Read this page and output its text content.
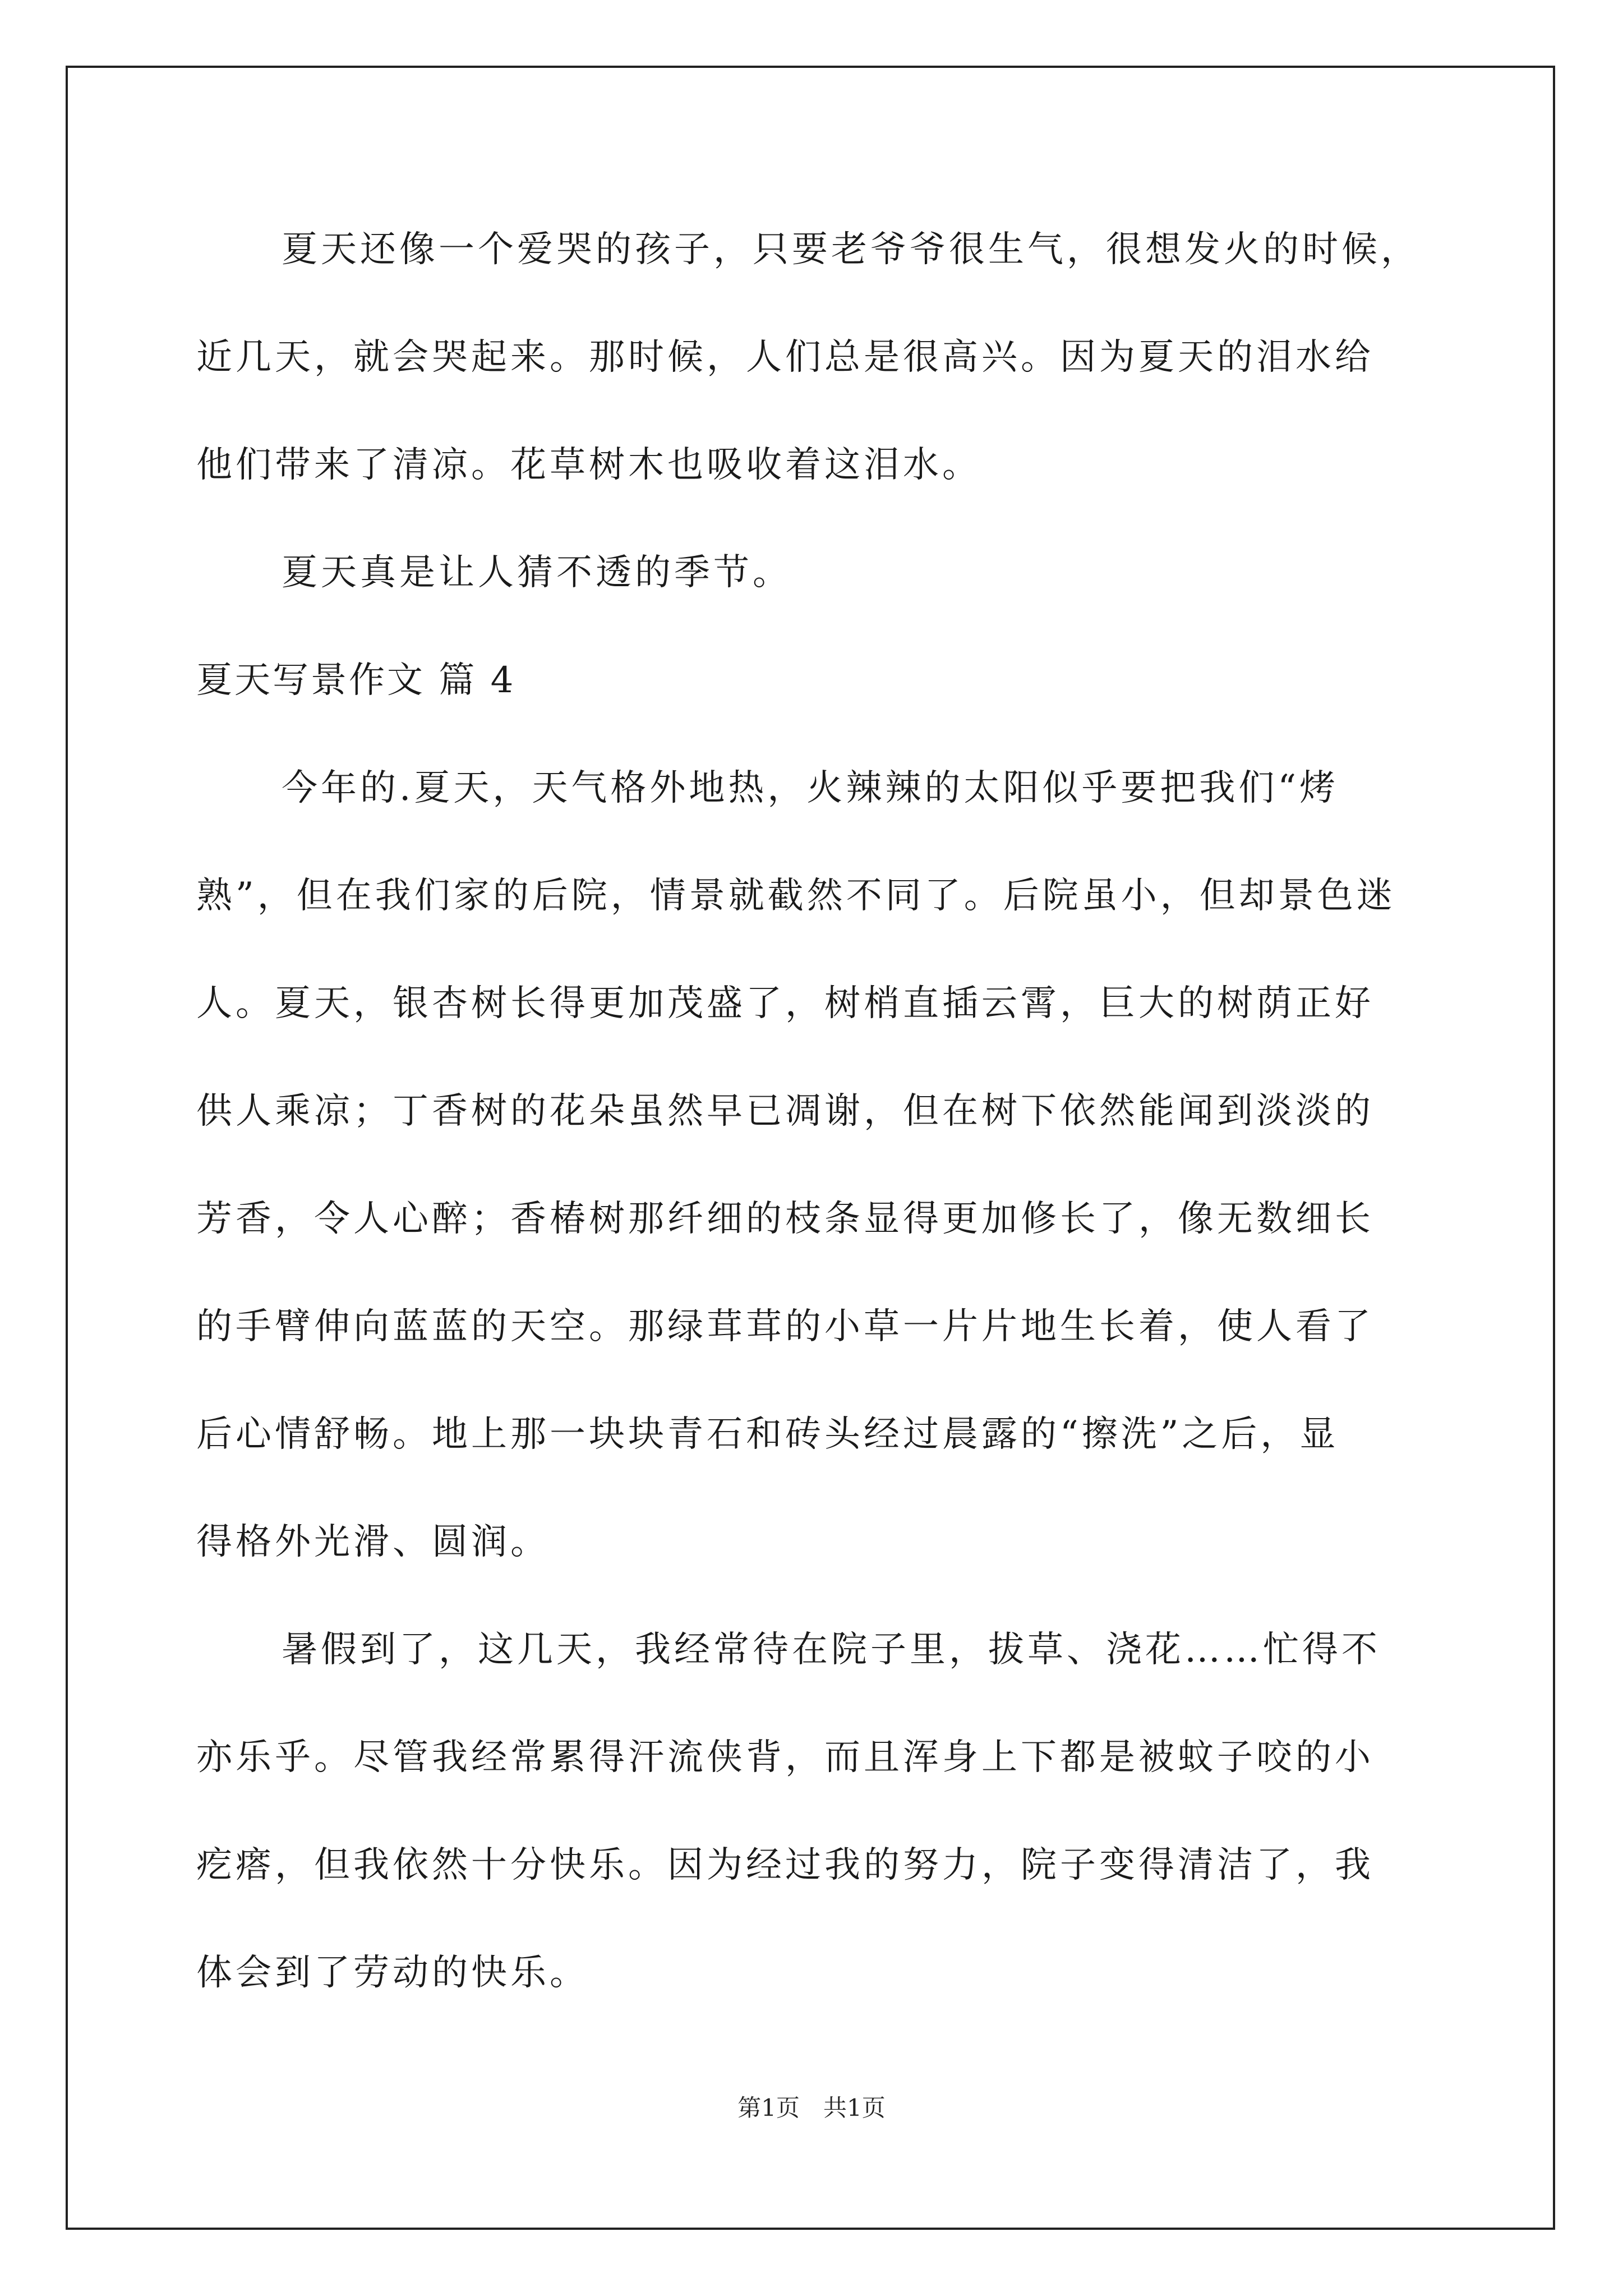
夏天还像一个爱哭的孩子，只要老爷爷很生气，很想发火的时候，
近几天，就会哭起来。那时候，人们总是很高兴。因为夏天的泪水给
他们带来了清凉。花草树木也吸收着这泪水。
夏天真是让人猜不透的季节。
夏天写景作文 篇 4
今年的.夏天，天气格外地热，火辣辣的太阳似乎要把我们“烤
熟”，但在我们家的后院，情景就截然不同了。后院虽小，但却景色迷
人。夏天，银杏树长得更加茂盛了，树梢直插云霄，巨大的树荫正好
供人乘凉；丁香树的花朵虽然早已凋谢，但在树下依然能闻到淡淡的
芳香，令人心醉；香椿树那纤细的枝条显得更加修长了，像无数细长
的手臂伸向蓝蓝的天空。那绿茸茸的小草一片片地生长着，使人看了
后心情舒畅。地上那一块块青石和砖头经过晨露的“擦洗”之后，显
得格外光滑、圆润。
暑假到了，这几天，我经常待在院子里，拔草、浇花……忙得不
亦乐乎。尽管我经常累得汗流侠背，而且浑身上下都是被蚊子咬的小
疙瘩，但我依然十分快乐。因为经过我的努力，院子变得清洁了，我
体会到了劳动的快乐。
第1页　共1页
